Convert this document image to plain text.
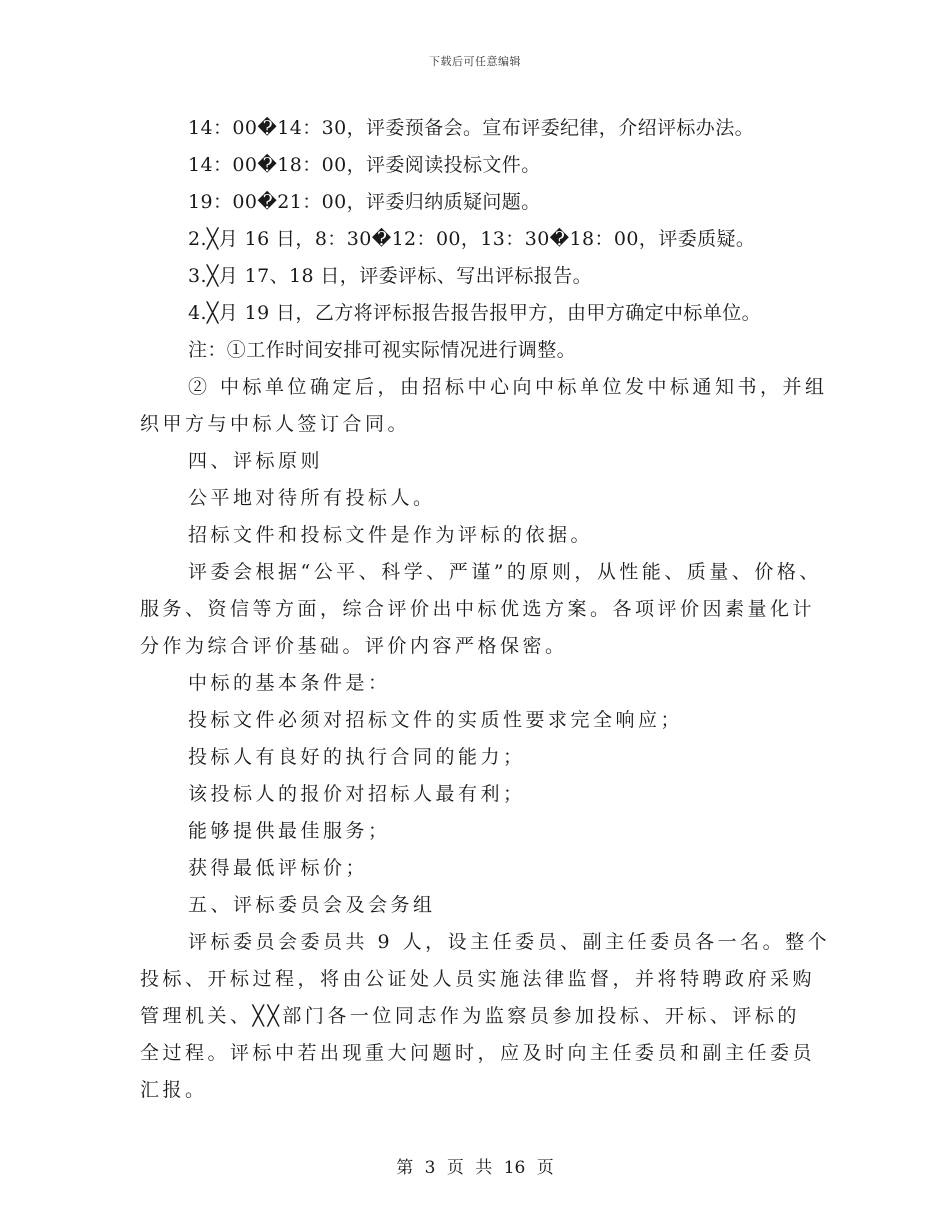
下载后可任意编辑
14：00�14：30，评委预备会。宣布评委纪律，介绍评标办法。
14：00�18：00，评委阅读投标文件。
19：00�21：00，评委归纳质疑问题。
2.╳月 16 日，8：30�12：00，13：30�18：00，评委质疑。
3.╳月 17、18 日，评委评标、写出评标报告。
4.╳月 19 日，乙方将评标报告报告报甲方，由甲方确定中标单位。
注：①工作时间安排可视实际情况进行调整。
② 中标单位确定后，由招标中心向中标单位发中标通知书，并组
织甲方与中标人签订合同。
四、评标原则
公平地对待所有投标人。
招标文件和投标文件是作为评标的依据。
评委会根据“公平、科学、严谨”的原则，从性能、质量、价格、
服务、资信等方面，综合评价出中标优选方案。各项评价因素量化计
分作为综合评价基础。评价内容严格保密。
中标的基本条件是：
投标文件必须对招标文件的实质性要求完全响应；
投标人有良好的执行合同的能力；
该投标人的报价对招标人最有利；
能够提供最佳服务；
获得最低评标价；
五、评标委员会及会务组
评标委员会委员共 9 人，设主任委员、副主任委员各一名。整个
投标、开标过程，将由公证处人员实施法律监督，并将特聘政府采购
管理机关、╳╳部门各一位同志作为监察员参加投标、开标、评标的
全过程。评标中若出现重大问题时，应及时向主任委员和副主任委员
汇报。
第 3 页 共 16 页
